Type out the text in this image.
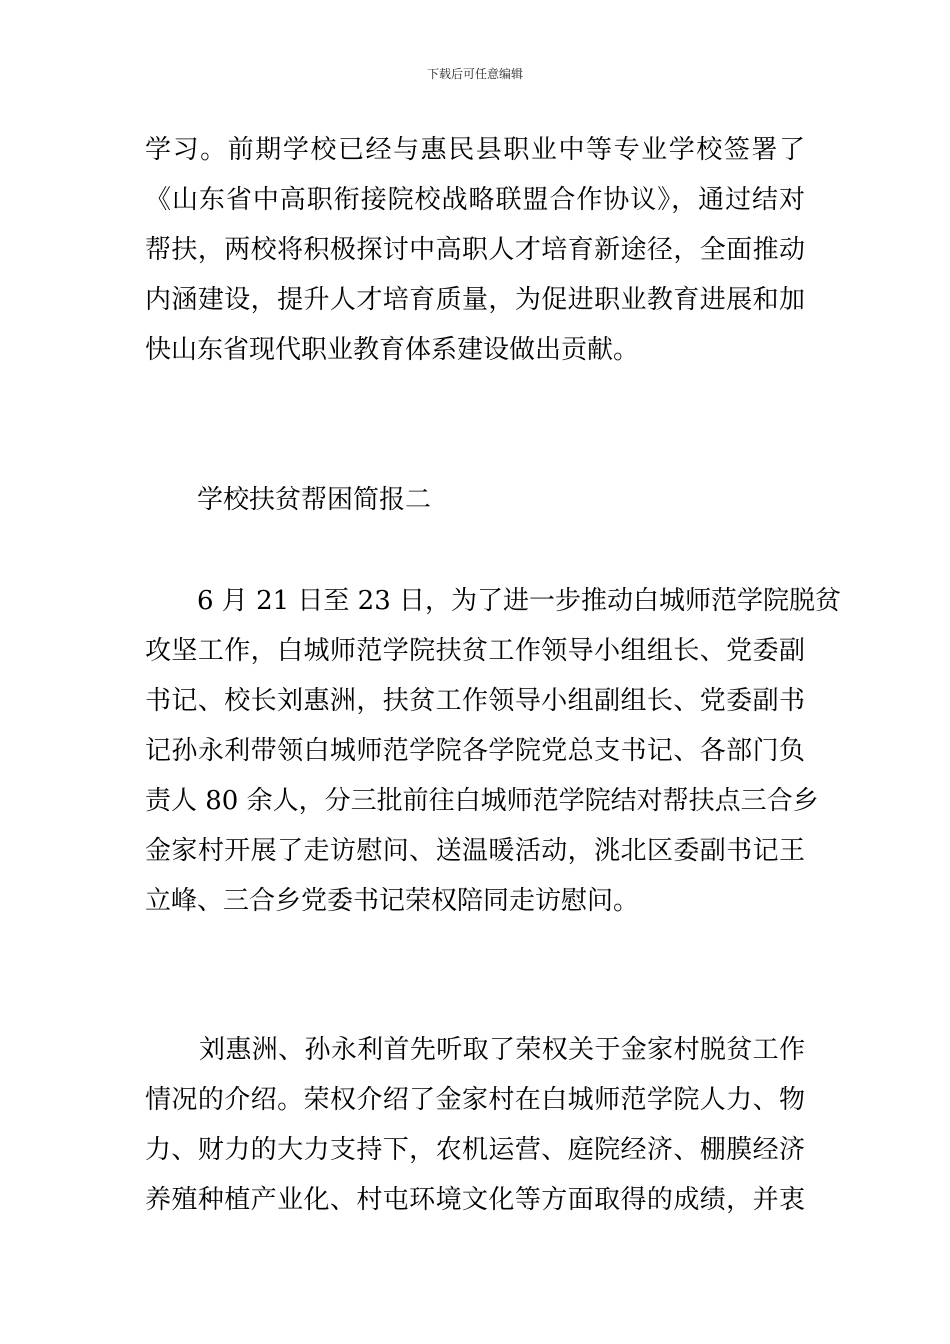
下载后可任意编辑
学习。前期学校已经与惠民县职业中等专业学校签署了
《山东省中高职衔接院校战略联盟合作协议》，通过结对
帮扶，两校将积极探讨中高职人才培育新途径，全面推动
内涵建设，提升人才培育质量，为促进职业教育进展和加
快山东省现代职业教育体系建设做出贡献。
学校扶贫帮困简报二
6 月 21 日至 23 日，为了进一步推动白城师范学院脱贫
攻坚工作，白城师范学院扶贫工作领导小组组长、党委副
书记、校长刘惠洲，扶贫工作领导小组副组长、党委副书
记孙永利带领白城师范学院各学院党总支书记、各部门负
责人 80 余人，分三批前往白城师范学院结对帮扶点三合乡
金家村开展了走访慰问、送温暖活动，洮北区委副书记王
立峰、三合乡党委书记荣权陪同走访慰问。
刘惠洲、孙永利首先听取了荣权关于金家村脱贫工作
情况的介绍。荣权介绍了金家村在白城师范学院人力、物
力、财力的大力支持下，农机运营、庭院经济、棚膜经济
养殖种植产业化、村屯环境文化等方面取得的成绩，并衷
